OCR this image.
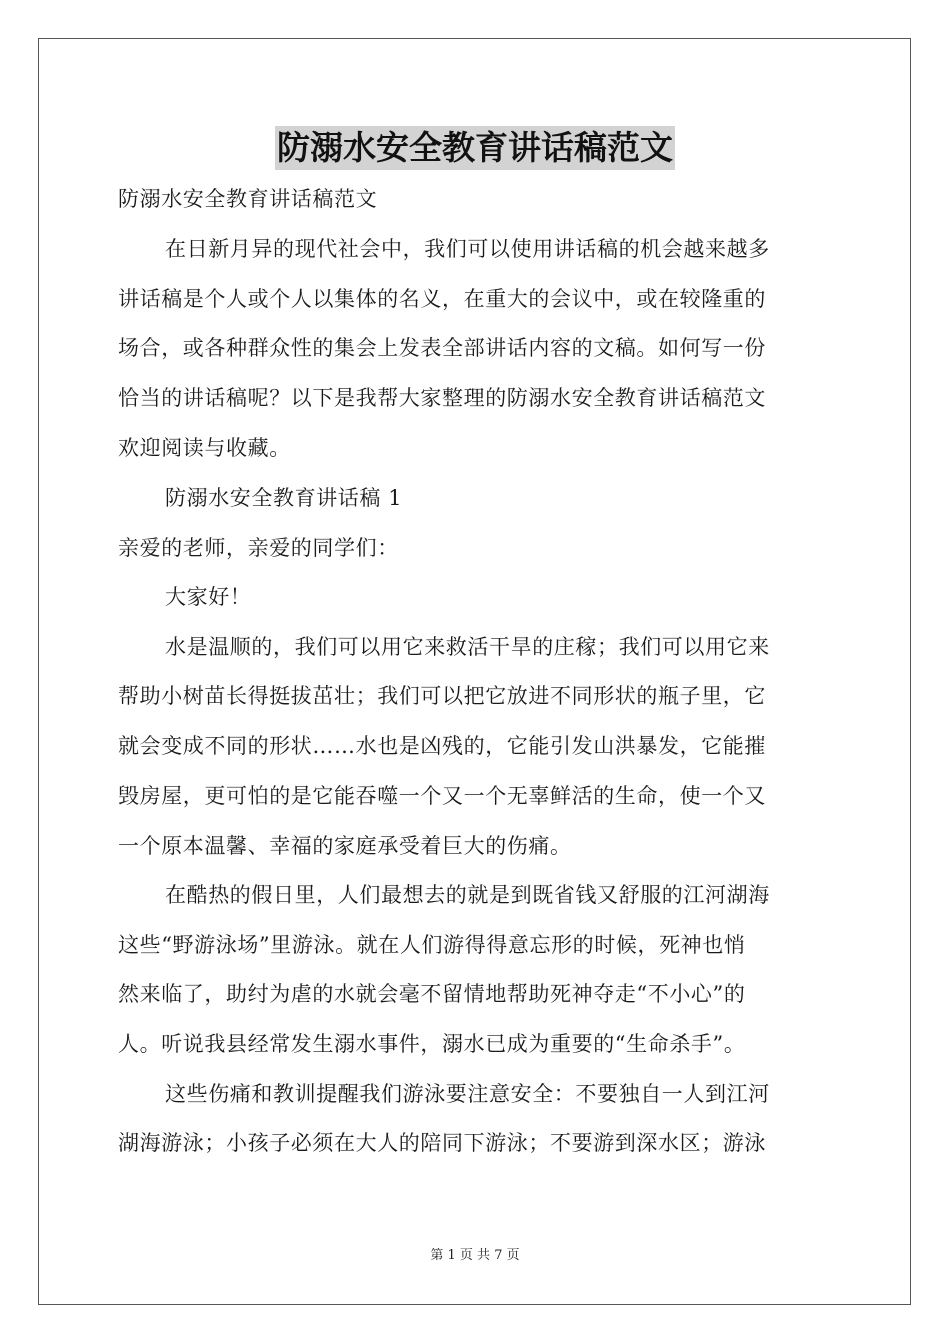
防溺水安全教育讲话稿范文
防溺水安全教育讲话稿范文
在日新月异的现代社会中，我们可以使用讲话稿的机会越来越多
讲话稿是个人或个人以集体的名义，在重大的会议中，或在较隆重的
场合，或各种群众性的集会上发表全部讲话内容的文稿。如何写一份
恰当的讲话稿呢？以下是我帮大家整理的防溺水安全教育讲话稿范文
欢迎阅读与收藏。
防溺水安全教育讲话稿 1
亲爱的老师，亲爱的同学们：
大家好！
水是温顺的，我们可以用它来救活干旱的庄稼；我们可以用它来
帮助小树苗长得挺拔茁壮；我们可以把它放进不同形状的瓶子里，它
就会变成不同的形状……水也是凶残的，它能引发山洪暴发，它能摧
毁房屋，更可怕的是它能吞噬一个又一个无辜鲜活的生命，使一个又
一个原本温馨、幸福的家庭承受着巨大的伤痛。
在酷热的假日里，人们最想去的就是到既省钱又舒服的江河湖海
这些“野游泳场”里游泳。就在人们游得得意忘形的时候，死神也悄
然来临了，助纣为虐的水就会毫不留情地帮助死神夺走“不小心”的
人。听说我县经常发生溺水事件，溺水已成为重要的“生命杀手”。
这些伤痛和教训提醒我们游泳要注意安全：不要独自一人到江河
湖海游泳；小孩子必须在大人的陪同下游泳；不要游到深水区；游泳
第 1 页 共 7 页
